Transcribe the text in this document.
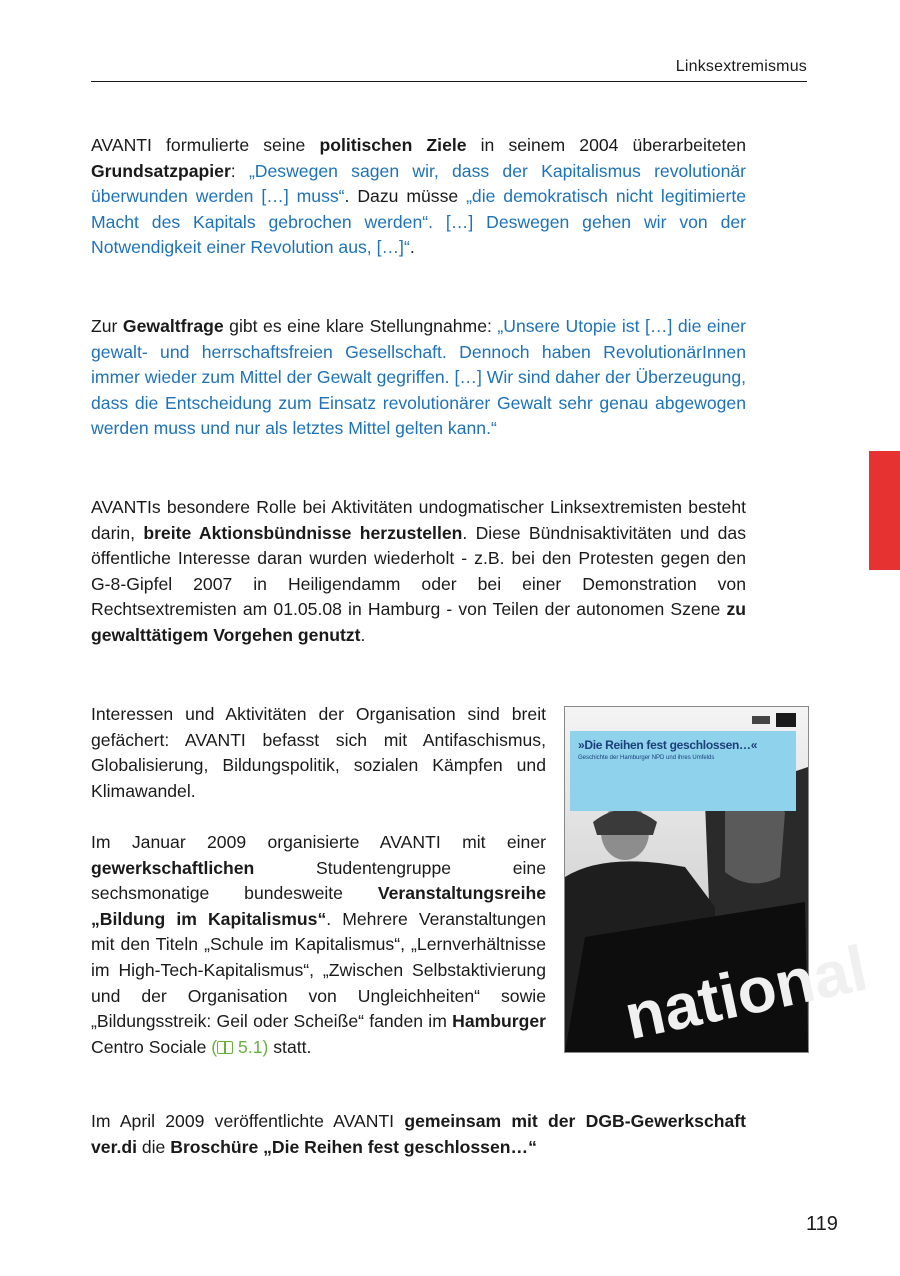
Linksextremismus
AVANTI formulierte seine politischen Ziele in seinem 2004 überarbeiteten Grundsatzpapier: „Deswegen sagen wir, dass der Kapitalismus revolutionär überwunden werden […] muss“. Dazu müsse „die demokratisch nicht legitimierte Macht des Kapitals gebrochen werden“. […] Deswegen gehen wir von der Notwendigkeit einer Revolution aus, […]“.
Zur Gewaltfrage gibt es eine klare Stellungnahme: „Unsere Utopie ist […] die einer gewalt- und herrschaftsfreien Gesellschaft. Dennoch haben RevolutionärInnen immer wieder zum Mittel der Gewalt gegriffen. […] Wir sind daher der Überzeugung, dass die Entscheidung zum Einsatz revolutionärer Gewalt sehr genau abgewogen werden muss und nur als letztes Mittel gelten kann.“
AVANTIs besondere Rolle bei Aktivitäten undogmatischer Linksextremisten besteht darin, breite Aktionsbündnisse herzustellen. Diese Bündnisaktivitäten und das öffentliche Interesse daran wurden wiederholt - z.B. bei den Protesten gegen den G-8-Gipfel 2007 in Heiligendamm oder bei einer Demonstration von Rechtsextremisten am 01.05.08 in Hamburg - von Teilen der autonomen Szene zu gewalttätigem Vorgehen genutzt.
Interessen und Aktivitäten der Organisation sind breit gefächert: AVANTI befasst sich mit Antifaschismus, Globalisierung, Bildungspolitik, sozialen Kämpfen und Klimawandel.
Im Januar 2009 organisierte AVANTI mit einer gewerkschaftlichen Studentengruppe eine sechsmonatige bundesweite Veranstaltungsreihe „Bildung im Kapitalismus“. Mehrere Veranstaltungen mit den Titeln „Schule im Kapitalismus“, „Lernverhältnisse im High-Tech-Kapitalismus“, „Zwischen Selbstaktivierung und der Organisation von Ungleichheiten“ sowie „Bildungsstreik: Geil oder Scheiße“ fanden im Hamburger Centro Sociale ( 5.1) statt.
Im April 2009 veröffentlichte AVANTI gemeinsam mit der DGB-Gewerkschaft ver.di die Broschüre „Die Reihen fest geschlossen…“
national
»Die Reihen fest geschlossen…«
Geschichte der Hamburger NPD und ihres Umfelds
119
